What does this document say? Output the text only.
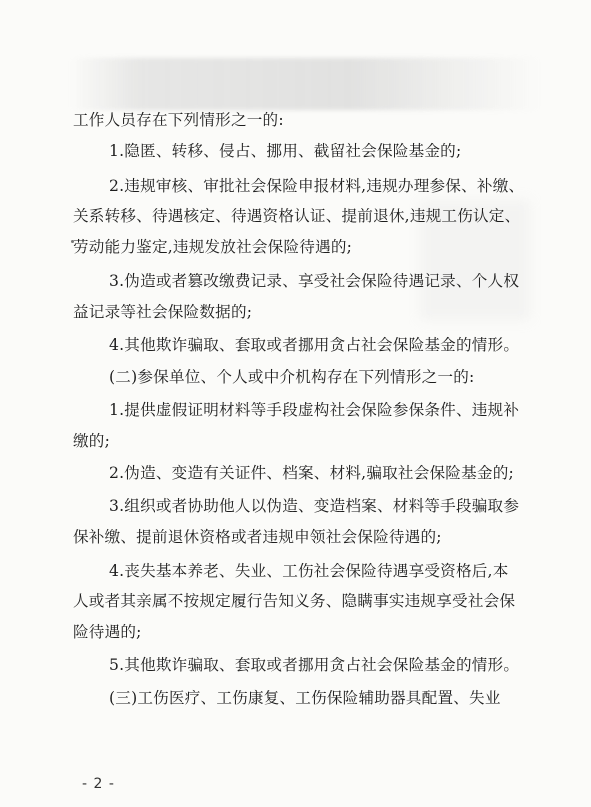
工作人员存在下列情形之一的:
1.隐匿、转移、侵占、挪用、截留社会保险基金的;
2.违规审核、审批社会保险申报材料,违规办理参保、补缴、
关系转移、待遇核定、待遇资格认证、提前退休,违规工伤认定、
劳动能力鉴定,违规发放社会保险待遇的;
3.伪造或者篡改缴费记录、享受社会保险待遇记录、个人权
益记录等社会保险数据的;
4.其他欺诈骗取、套取或者挪用贪占社会保险基金的情形。
(二)参保单位、个人或中介机构存在下列情形之一的:
1.提供虚假证明材料等手段虚构社会保险参保条件、违规补
缴的;
2.伪造、变造有关证件、档案、材料,骗取社会保险基金的;
3.组织或者协助他人以伪造、变造档案、材料等手段骗取参
保补缴、提前退休资格或者违规申领社会保险待遇的;
4.丧失基本养老、失业、工伤社会保险待遇享受资格后,本
人或者其亲属不按规定履行告知义务、隐瞒事实违规享受社会保
险待遇的;
5.其他欺诈骗取、套取或者挪用贪占社会保险基金的情形。
(三)工伤医疗、工伤康复、工伤保险辅助器具配置、失业
- 2 -
